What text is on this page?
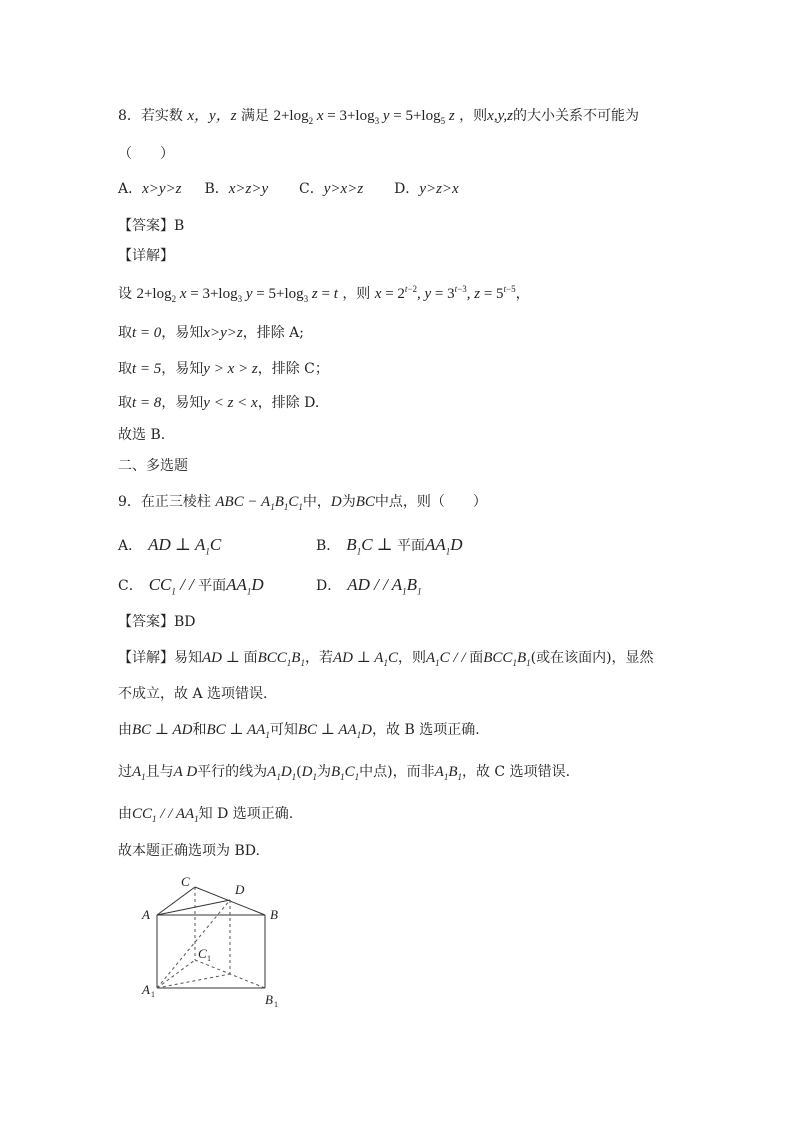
8．若实数 x，y，z 满足 $2+\log_2$ $x = 3+\log_3$ $y = 5+\log_5$ z ，则x,y,z的大小关系不可能为
（　　）
A．x>y>z B．x>z>y C．y>x>z D．y>z>x
【答案】B
【详解】
设 $2+\log_2$ $x = 3+\log_3$ $y = 5+\log_3$ z = t ，则 $x = 2^{t-2}$, $y = 3^{t-3}$, $z = 5^{t-5}$，
取t = 0，易知x>y>z，排除 A;
取t = 5，易知y > x > z，排除 C；
取t = 8，易知y < z < x，排除 D.
故选 B.
二、多选题
9．在正三棱柱 ABC − $A_1B_1C_1$中，D为BC中点，则（　　）
A． AD ⊥ $A_1C$	B． $B_1C$ ⊥ 平面$AA_1D$
C． $CC_1$ / / 平面$AA_1D$	D． AD / / $A_1B_1$
【答案】BD
【详解】易知AD ⊥ 面$BCC_1B_1$，若AD ⊥ $A_1C$，则$A_1C$ / / 面$BCC_1B_1$(或在该面内)，显然
不成立，故 A 选项错误.
由BC ⊥ AD和BC ⊥ $AA_1$可知BC ⊥ $AA_1D$，故 B 选项正确.
过$A_1$且与A D平行的线为$A_1D_1(D_1$为$B_1C_1$中点)，而非$A_1B_1$，故 C 选项错误.
由$CC_1$ / / $AA_1$知 D 选项正确.
故本题正确选项为 BD.
C
D
A	B
C 1
A 1	B 1
